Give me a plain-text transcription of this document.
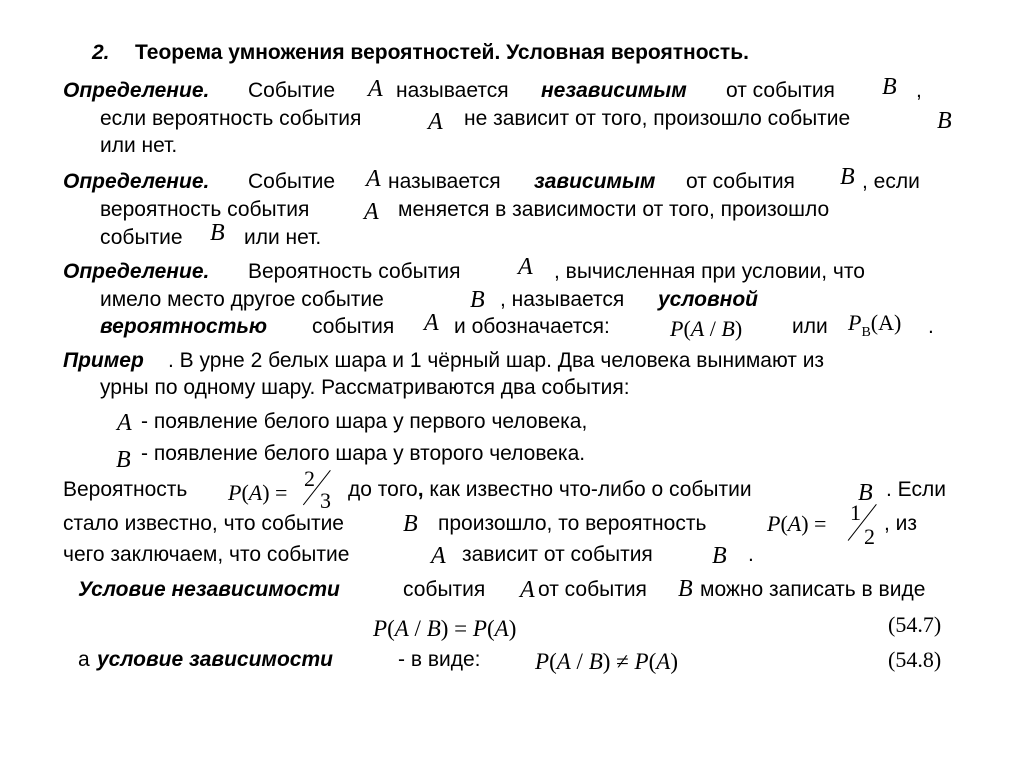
2. Теорема умножения вероятностей. Условная вероятность.
Определение. Событие A называется независимым от события B ,
если вероятность события	A не зависит от того, произошло событие	B
или нет.
Определение. Событие A называется зависимым от события B , если
вероятность события A меняется в зависимости от того, произошло
событие B или нет.
Определение. Вероятность события A , вычисленная при условии, что
имело место другое событие	B , называется условной
вероятностью события A и обозначается:	P(A / B) или $P_B(A)$ .
Пример . В урне 2 белых шара и 1 чёрный шар. Два человека вынимают из
урны по одному шару. Рассматриваются два события:
A - появление белого шара у первого человека,
B - появление белого шара у второго человека.
Вероятность P(A) =
2
3 до того, как известно что-либо о событии	B . Если
стало известно, что событие B произошло, то вероятность	P(A) = 1
2
, из
чего заключаем, что событие	A зависит от события B .
Условие независимости	события A от события B можно записать в виде
P(A / B) = P(A)	(54.7)
а условие зависимости	- в виде: P(A / B) ≠ P(A)	(54.8)
